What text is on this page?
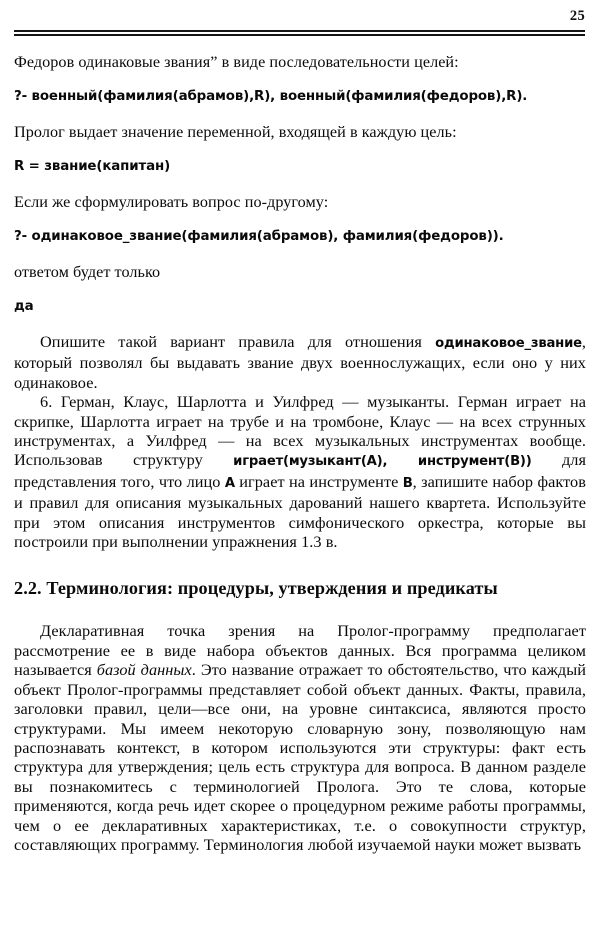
25

Федоров одинаковые звания” в виде последовательности целей:

?- военный(фамилия(абрамов),R), военный(фамилия(федоров),R).

Пролог выдает значение переменной, входящей в каждую цель:

R = звание(капитан)

Если же сформулировать вопрос по-другому:

?- одинаковое_звание(фамилия(абрамов), фамилия(федоров)).

ответом будет только

да

Опишите такой вариант правила для отношения одинаковое_звание, который позволял бы выдавать звание двух военнослужащих, если оно у них одинаковое.

6. Герман, Клаус, Шарлотта и Уилфред — музыканты. Герман играет на скрипке, Шарлотта играет на трубе и на тромбоне, Клаус — на всех струнных инструментах, а Уилфред — на всех музыкальных инструментах вообще. Использовав структуру играет(музыкант(A), инструмент(B)) для представления того, что лицо A играет на инструменте B, запишите набор фактов и правил для описания музыкальных дарований нашего квартета. Используйте при этом описания инструментов симфонического оркестра, которые вы построили при выполнении упражнения 1.3 в.

2.2. Терминология: процедуры, утверждения и предикаты

Декларативная точка зрения на Пролог-программу предполагает рассмотрение ее в виде набора объектов данных. Вся программа целиком называется базой данных. Это название отражает то обстоятельство, что каждый объект Пролог-программы представляет собой объект данных. Факты, правила, заголовки правил, цели—все они, на уровне синтаксиса, являются просто структурами. Мы имеем некоторую словарную зону, позволяющую нам распознавать контекст, в котором используются эти структуры: факт есть структура для утверждения; цель есть структура для вопроса. В данном разделе вы познакомитесь с терминологией Пролога. Это те слова, которые применяются, когда речь идет скорее о процедурном режиме работы программы, чем о ее декларативных характеристиках, т.е. о совокупности структур, составляющих программу. Терминология любой изучаемой науки может вызвать
